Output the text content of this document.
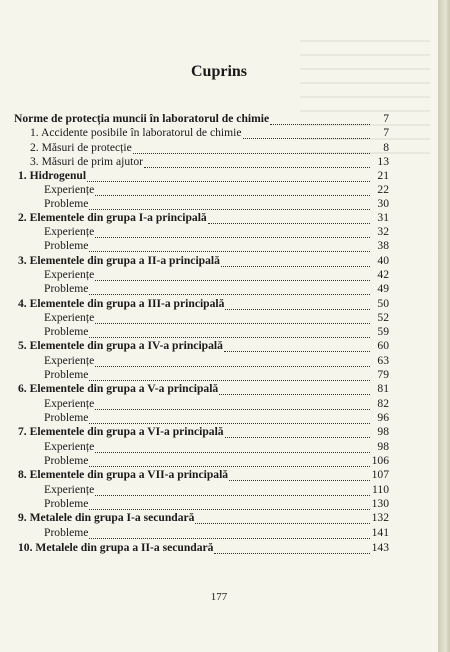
Cuprins
Norme de protecția muncii în laboratorul de chimie	7
1. Accidente posibile în laboratorul de chimie	7
2. Măsuri de protecție	8
3. Măsuri de prim ajutor	13
1. Hidrogenul	21
Experiențe	22
Probleme	30
2. Elementele din grupa I-a principală	31
Experiențe	32
Probleme	38
3. Elementele din grupa a II-a principală	40
Experiențe	42
Probleme	49
4. Elementele din grupa a III-a principală	50
Experiențe	52
Probleme	59
5. Elementele din grupa a IV-a principală	60
Experiențe	63
Probleme	79
6. Elementele din grupa a V-a principală	81
Experiențe	82
Probleme	96
7. Elementele din grupa a VI-a principală	98
Experiențe	98
Probleme	106
8. Elementele din grupa a VII-a principală	107
Experiențe	110
Probleme	130
9. Metalele din grupa I-a secundară	132
Probleme	141
10. Metalele din grupa a II-a secundară	143
177
